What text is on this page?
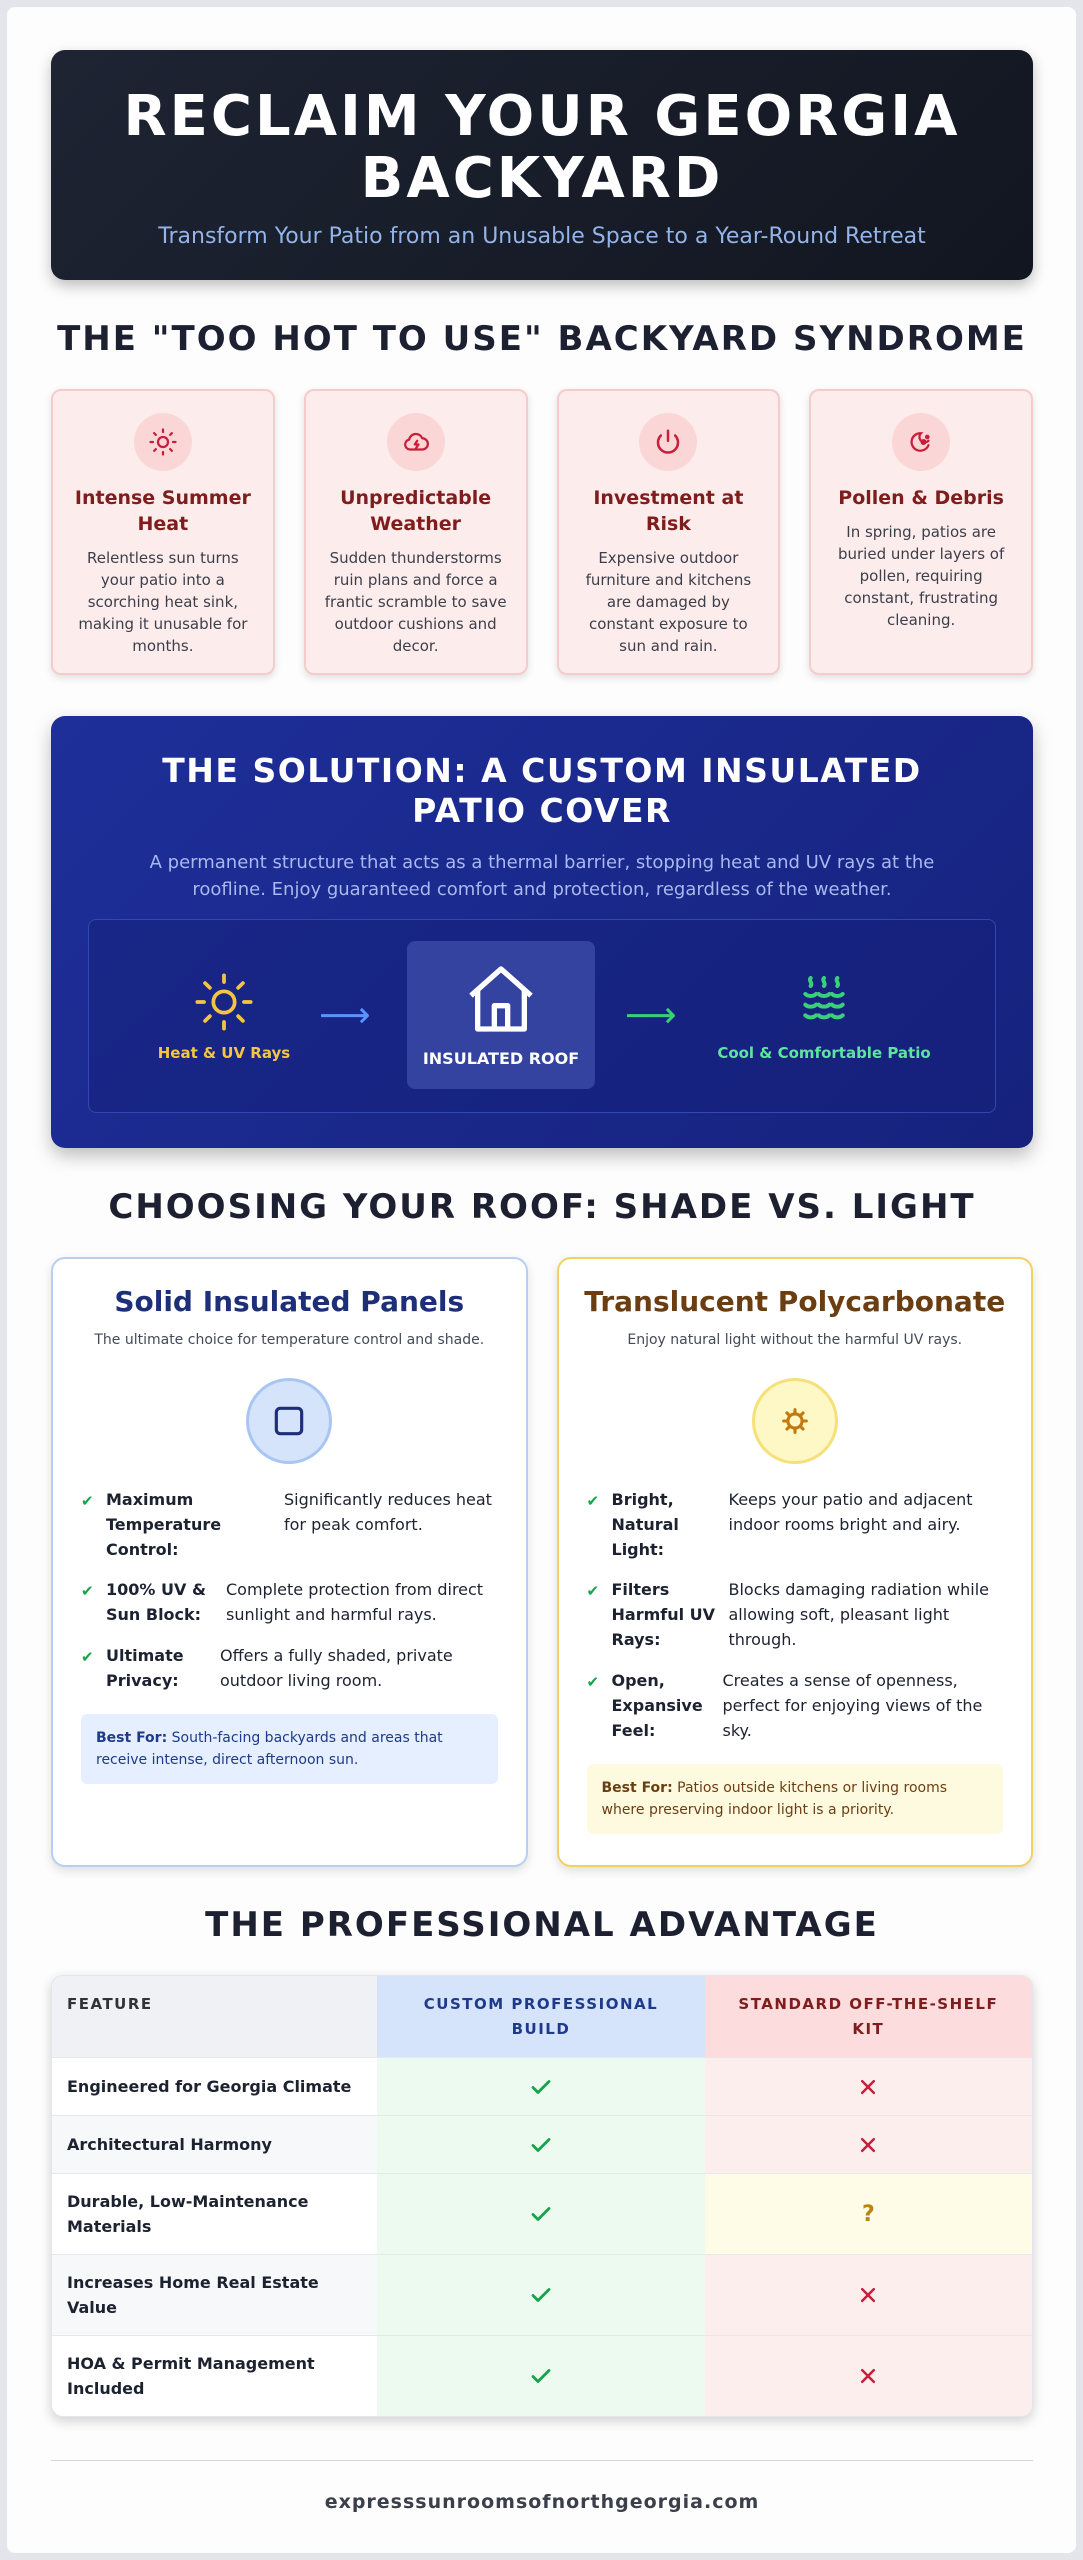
RECLAIM YOUR GEORGIA BACKYARD

Transform Your Patio from an Unusable Space to a Year-Round Retreat

THE "TOO HOT TO USE" BACKYARD SYNDROME
Intense Summer Heat

Relentless sun turns your patio into a scorching heat sink, making it unusable for months.

Unpredictable Weather

Sudden thunderstorms ruin plans and force a frantic scramble to save outdoor cushions and decor.

Investment at Risk

Expensive outdoor furniture and kitchens are damaged by constant exposure to sun and rain.

Pollen & Debris

In spring, patios are buried under layers of pollen, requiring constant, frustrating cleaning.

THE SOLUTION: A CUSTOM INSULATED PATIO COVER

A permanent structure that acts as a thermal barrier, stopping heat and UV rays at the roofline. Enjoy guaranteed comfort and protection, regardless of the weather.

Heat & UV Rays
⟶
INSULATED ROOF
⟶
Cool & Comfortable Patio
CHOOSING YOUR ROOF: SHADE VS. LIGHT
Solid Insulated Panels
The ultimate choice for temperature control and shade.
✔ Maximum Temperature Control:
Significantly reduces heat for peak comfort.
✔ 100% UV & Sun Block:
Complete protection from direct sunlight and harmful rays.
✔ Ultimate Privacy:
Offers a fully shaded, private outdoor living room.
Best For: South-facing backyards and areas that receive intense, direct afternoon sun.
Translucent Polycarbonate
Enjoy natural light without the harmful UV rays.
✔ Bright, Natural Light:
Keeps your patio and adjacent indoor rooms bright and airy.
✔ Filters Harmful UV Rays:
Blocks damaging radiation while allowing soft, pleasant light through.
✔ Open, Expansive Feel:
Creates a sense of openness, perfect for enjoying views of the sky.
Best For: Patios outside kitchens or living rooms where preserving indoor light is a priority.
THE PROFESSIONAL ADVANTAGE
FEATURE	CUSTOM PROFESSIONAL BUILD
STANDARD OFF-THE-SHELF KIT
Engineered for Georgia Climate
Architectural Harmony
Durable, Low-Maintenance Materials	?
Increases Home Real Estate Value
HOA & Permit Management Included
expresssunroomsofnorthgeorgia.com
